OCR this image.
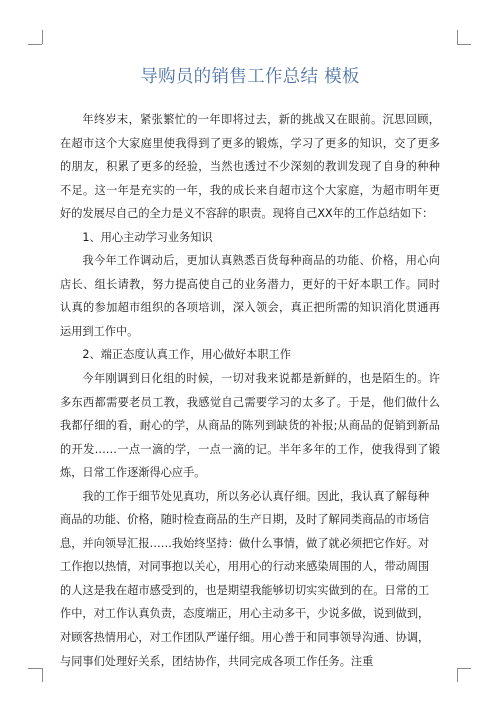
导购员的销售工作总结 模板

年终岁末，紧张繁忙的一年即将过去，新的挑战又在眼前。沉思回顾，在超市这个大家庭里使我得到了更多的锻炼，学习了更多的知识，交了更多的朋友，积累了更多的经验，当然也透过不少深刻的教训发现了自身的种种不足。这一年是充实的一年，我的成长来自超市这个大家庭，为超市明年更好的发展尽自己的全力是义不容辞的职责。现将自己XX年的工作总结如下：

1、用心主动学习业务知识

我今年工作调动后，更加认真熟悉百货每种商品的功能、价格，用心向店长、组长请教，努力提高使自己的业务潜力，更好的干好本职工作。同时认真的参加超市组织的各项培训，深入领会，真正把所需的知识消化贯通再运用到工作中。

2、端正态度认真工作，用心做好本职工作

今年刚调到日化组的时候，一切对我来说都是新鲜的，也是陌生的。许多东西都需要老员工教，我感觉自己需要学习的太多了。于是，他们做什么我都仔细的看，耐心的学，从商品的陈列到缺货的补报;从商品的促销到新品的开发……一点一滴的学，一点一滴的记。半年多年的工作，使我得到了锻炼，日常工作逐渐得心应手。

我的工作于细节处见真功，所以务必认真仔细。因此，我认真了解每种商品的功能、价格，随时检查商品的生产日期，及时了解同类商品的市场信息，并向领导汇报……我始终坚持：做什么事情，做了就必须把它作好。对工作抱以热情，对同事抱以关心，用用心的行动来感染周围的人，带动周围的人这是我在超市感受到的，也是期望我能够切切实实做到的在。日常的工作中，对工作认真负责，态度端正，用心主动多干，少说多做，说到做到，对顾客热情用心，对工作团队严谨仔细。用心善于和同事领导沟通、协调，与同事们处理好关系，团结协作，共同完成各项工作任务。注重
